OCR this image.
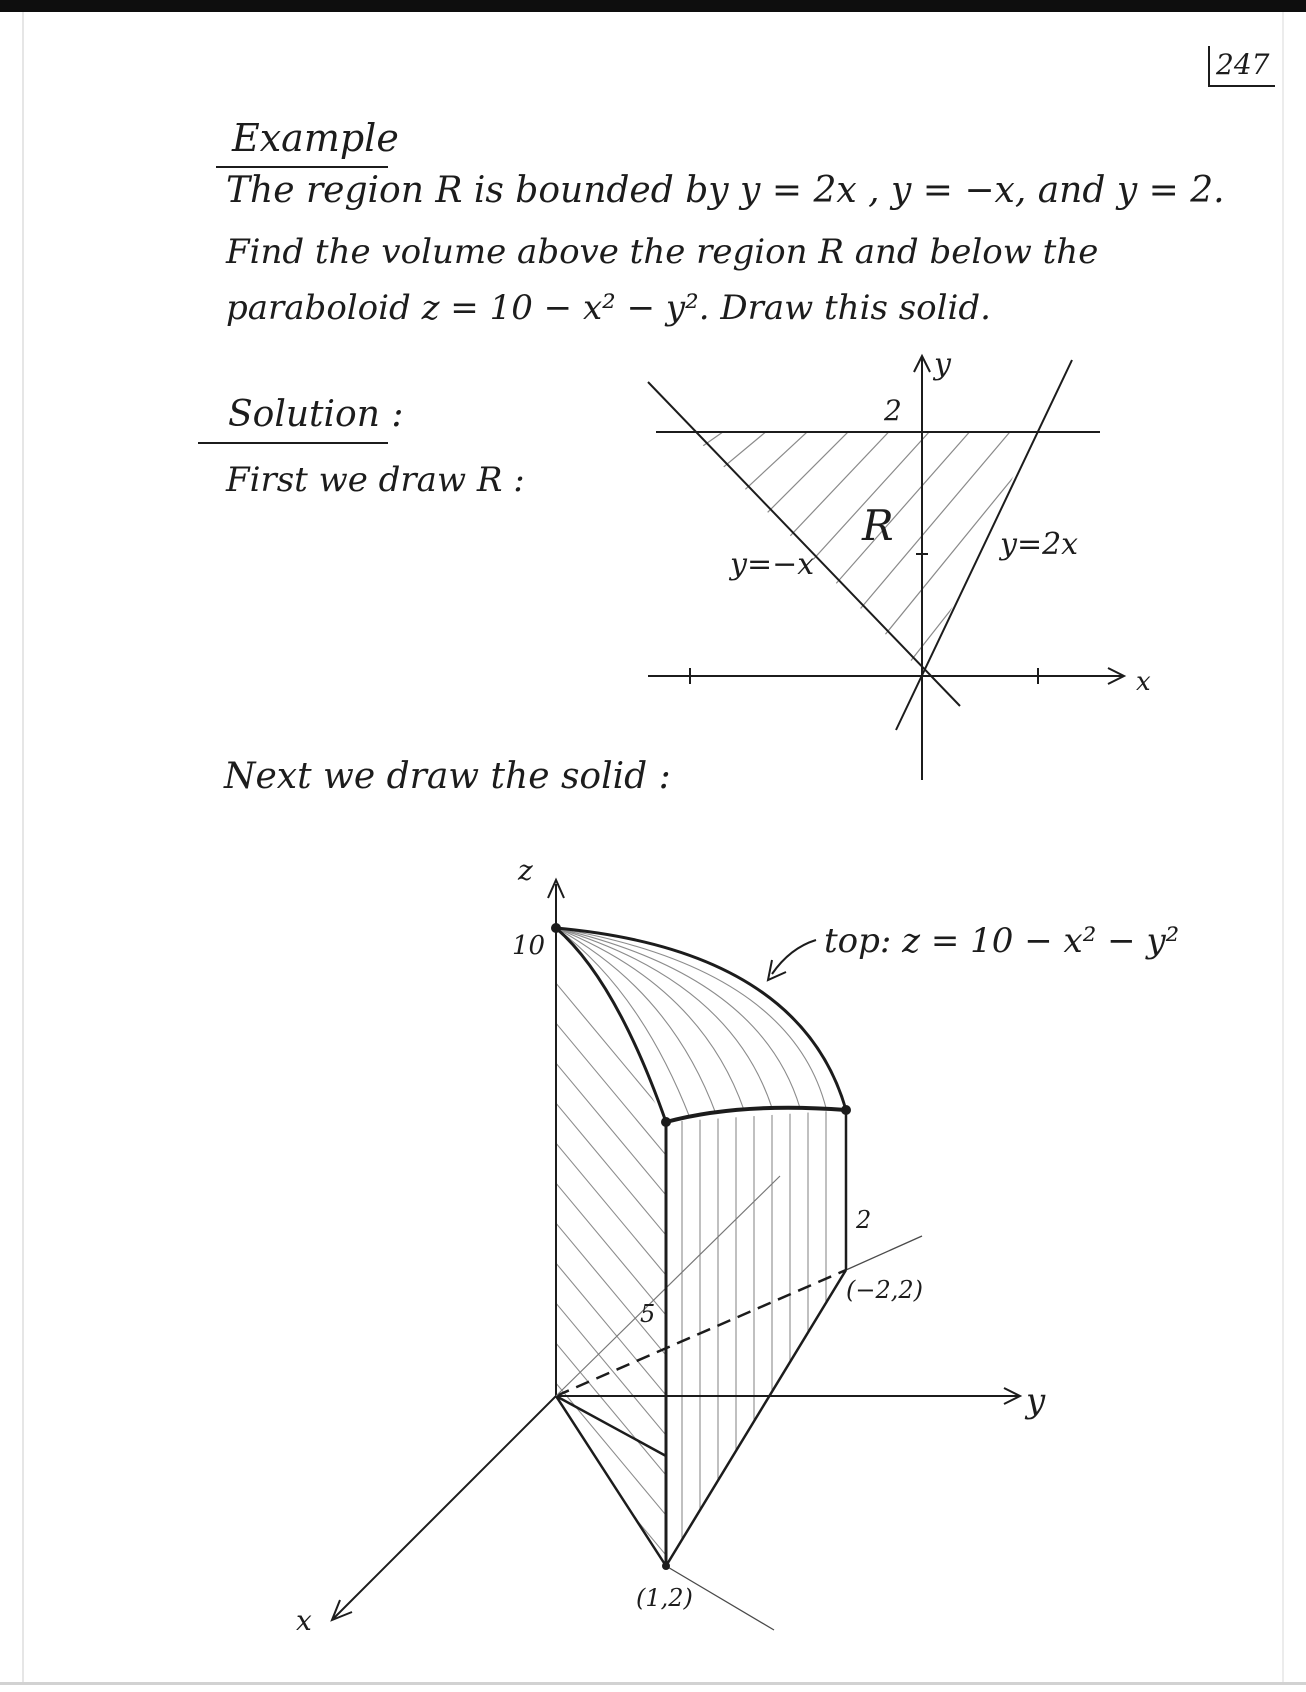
247
Example
The region R is bounded by y = 2x , y = −x, and y = 2.
Find the volume above the region R and below the
paraboloid z = 10 − x² − y². Draw this solid.
Solution :
First we draw R :
Next we draw the solid :
y
x
2
R
y=−x
y=2x
z
10
y
x
5
2
(1,2)
(−2,2)
top: z = 10 − x² − y²
